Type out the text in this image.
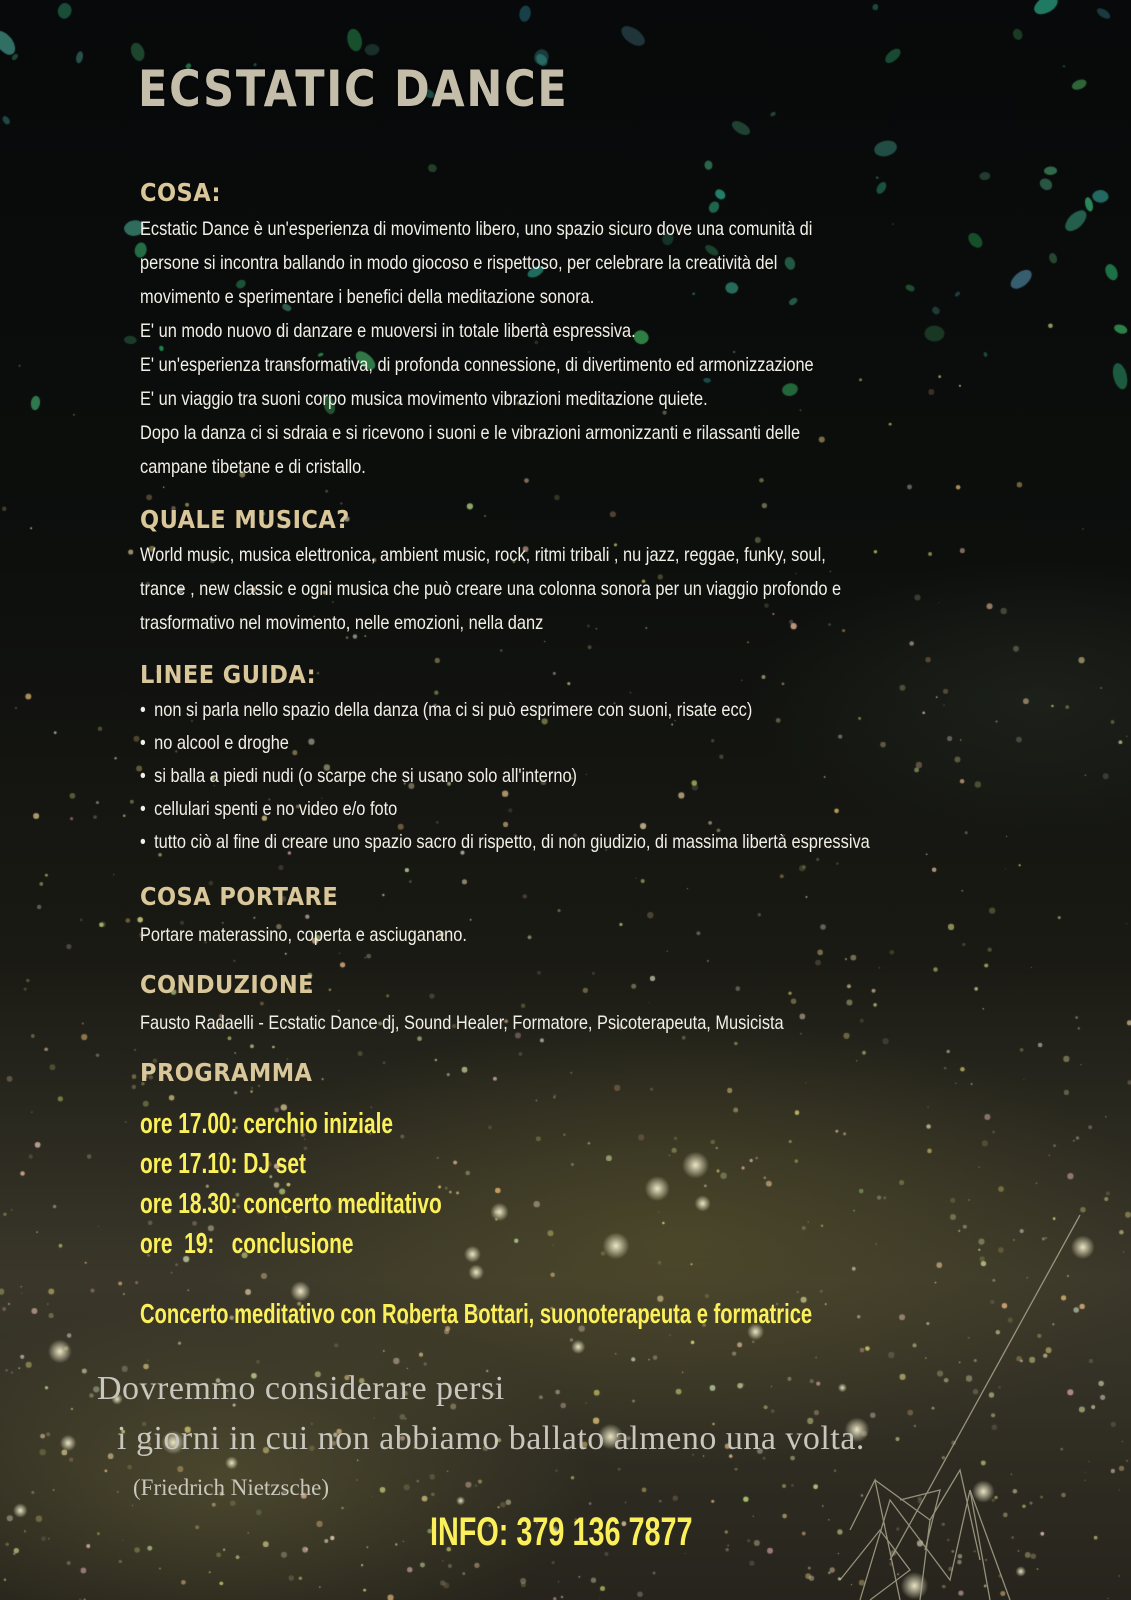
ECSTATIC DANCE
COSA:

Ecstatic Dance è un'esperienza di movimento libero, uno spazio sicuro dove una comunità di
persone si incontra ballando in modo giocoso e rispettoso, per celebrare la creatività del
movimento e sperimentare i benefici della meditazione sonora.
E' un modo nuovo di danzare e muoversi in totale libertà espressiva.
E' un'esperienza transformativa, di profonda connessione, di divertimento ed armonizzazione
E' un viaggio tra suoni corpo musica movimento vibrazioni meditazione quiete.
Dopo la danza ci si sdraia e si ricevono i suoni e le vibrazioni armonizzanti e rilassanti delle
campane tibetane e di cristallo.

QUALE MUSICA?

World music, musica elettronica, ambient music, rock, ritmi tribali , nu jazz, reggae, funky, soul,
trance , new classic e ogni musica che può creare una colonna sonora per un viaggio profondo e
trasformativo nel movimento, nelle emozioni, nella danz

LINEE GUIDA:
• non si parla nello spazio della danza (ma ci si può esprimere con suoni, risate ecc)
• no alcool e droghe
• si balla a piedi nudi (o scarpe che si usano solo all'interno)
• cellulari spenti e no video e/o foto
• tutto ciò al fine di creare uno spazio sacro di rispetto, di non giudizio, di massima libertà espressiva
COSA PORTARE

Portare materassino, coperta e asciuganano.

CONDUZIONE

Fausto Radaelli - Ecstatic Dance dj, Sound Healer, Formatore, Psicoterapeuta, Musicista

PROGRAMMA
ore 17.00: cerchio iniziale
ore 17.10: DJ set
ore 18.30: concerto meditativo
ore  19:   conclusione

Concerto meditativo con Roberta Bottari, suonoterapeuta e formatrice

Dovremmo considerare persi

i giorni in cui non abbiamo ballato almeno una volta.

(Friedrich Nietzsche)

INFO: 379 136 7877
